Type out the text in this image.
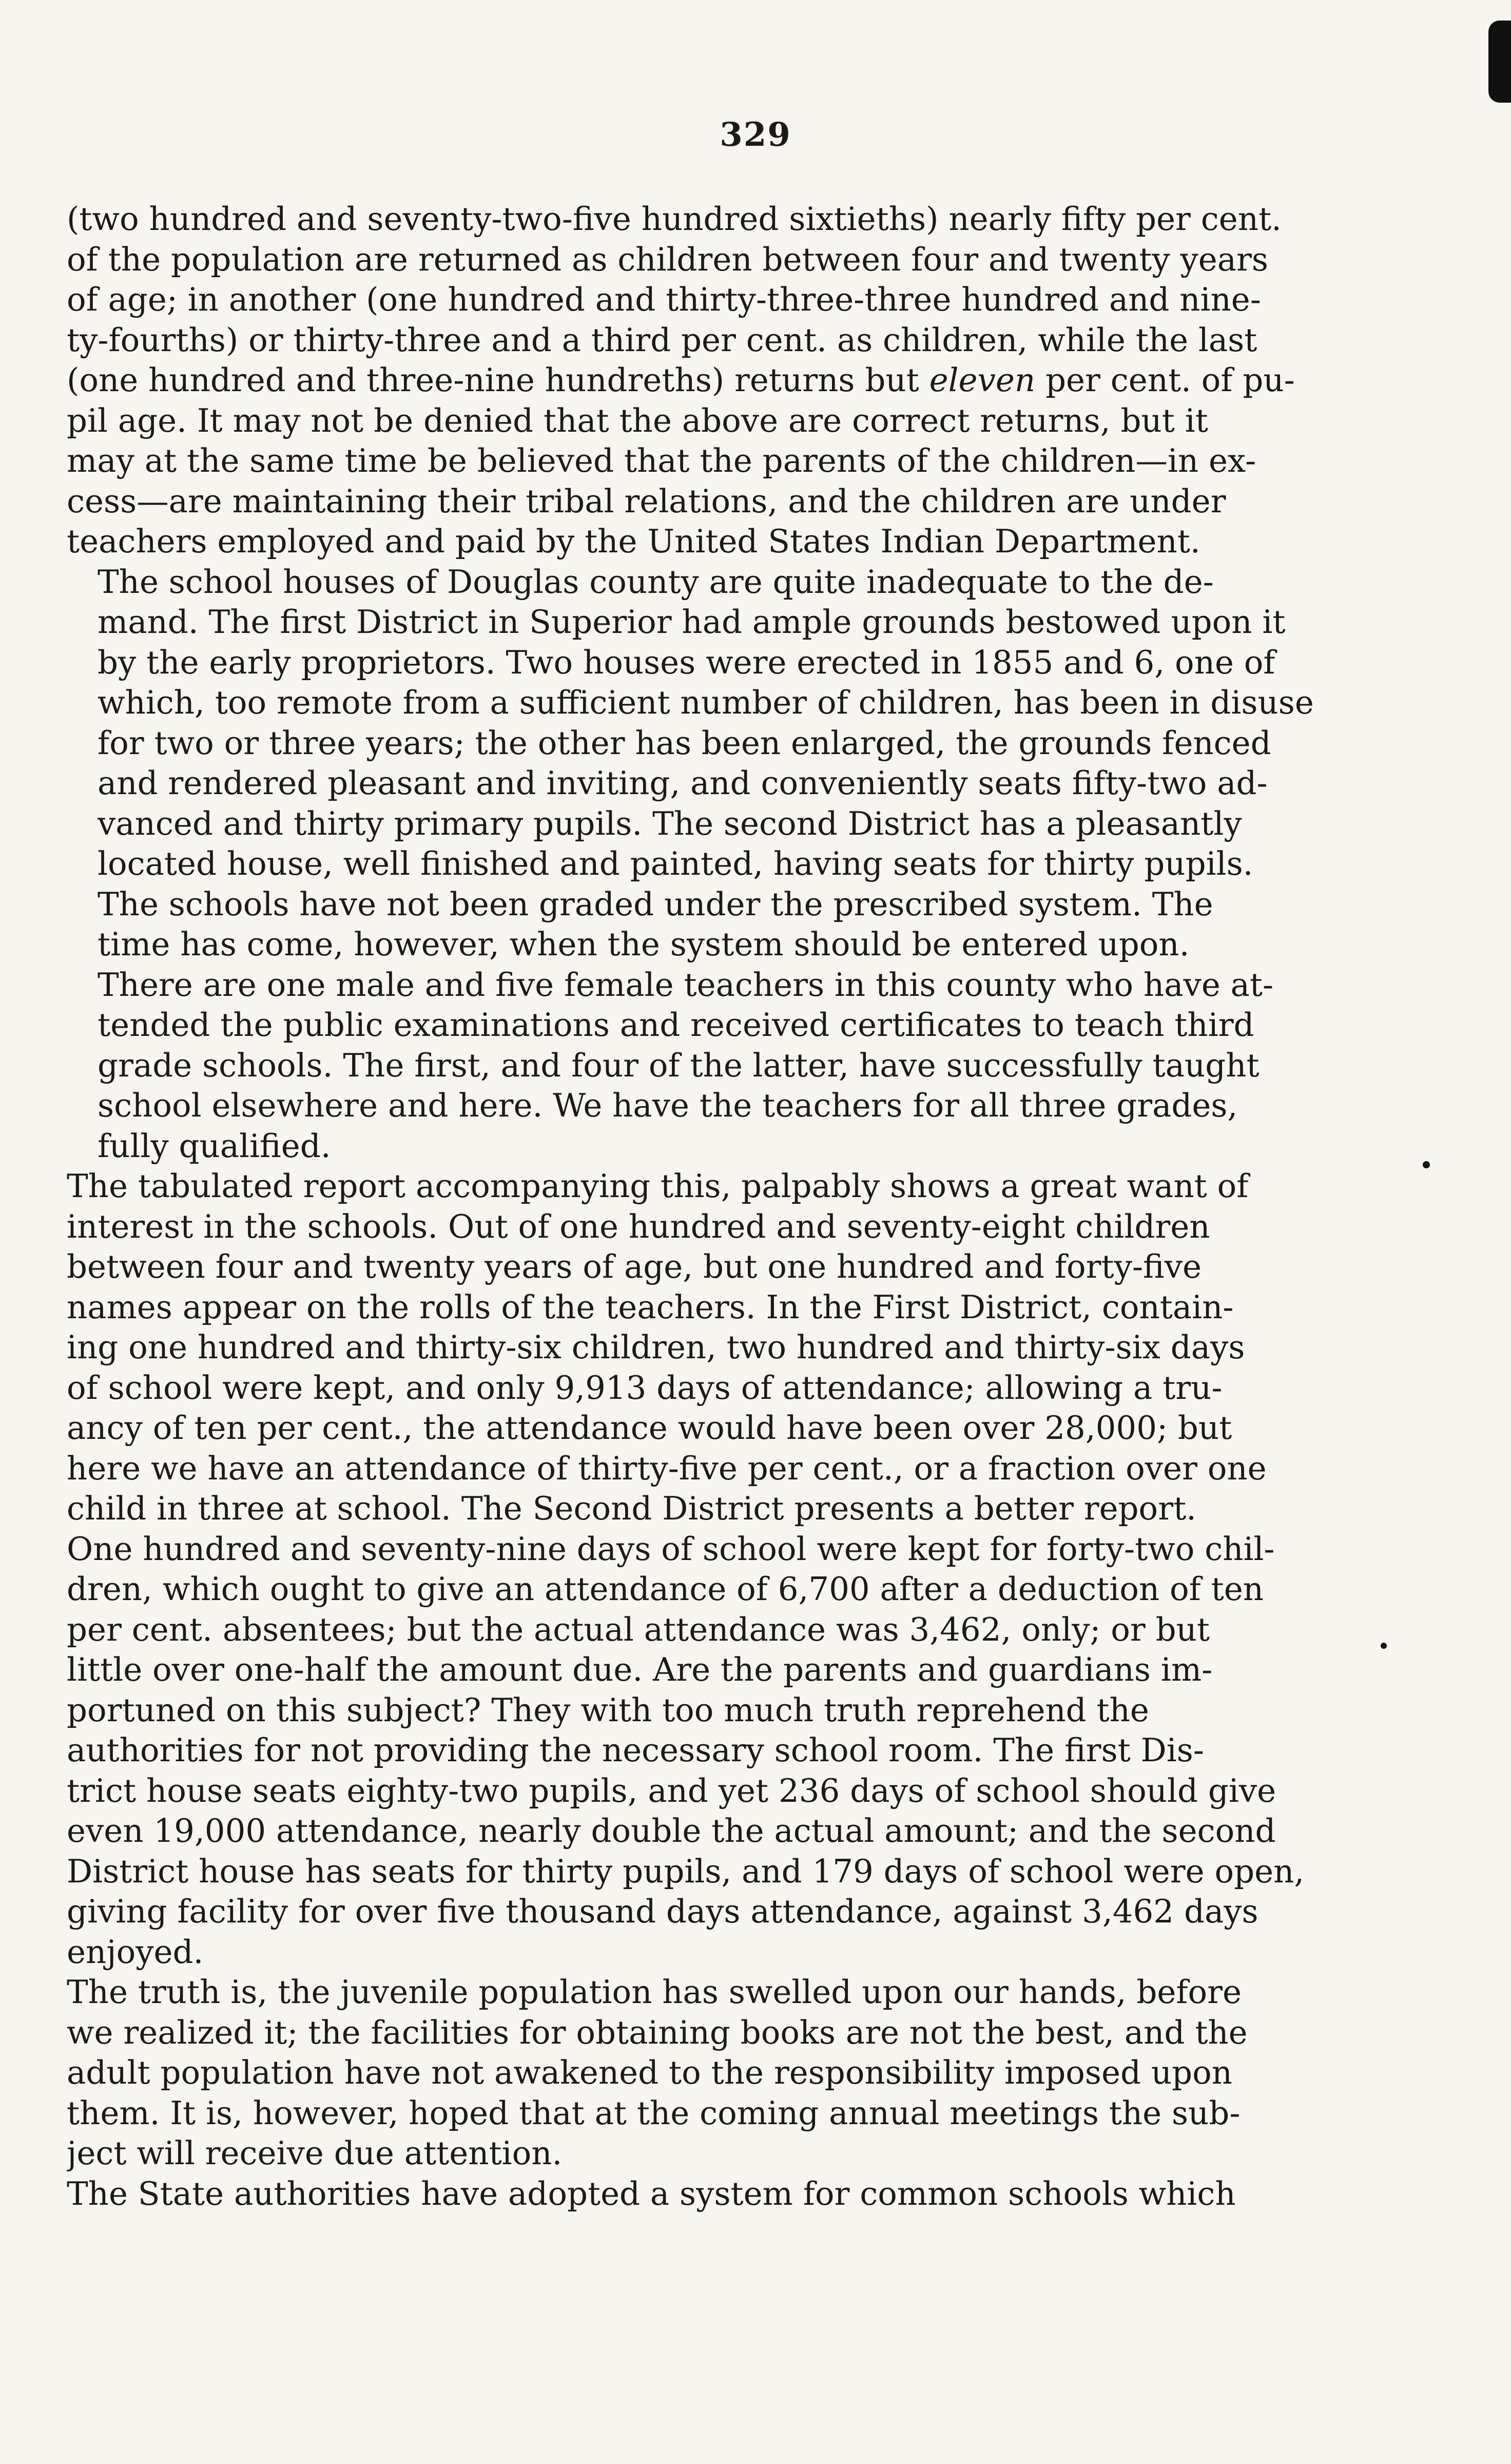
329

(two hundred and seventy-two-five hundred sixtieths) nearly fifty per cent.
of the population are returned as children between four and twenty years
of age; in another (one hundred and thirty-three-three hundred and nine-
ty-fourths) or thirty-three and a third per cent. as children, while the last
(one hundred and three-nine hundreths) returns but eleven per cent. of pu-
pil age. It may not be denied that the above are correct returns, but it
may at the same time be believed that the parents of the children—in ex-
cess—are maintaining their tribal relations, and the children are under
teachers employed and paid by the United States Indian Department.

The school houses of Douglas county are quite inadequate to the de-
mand. The first District in Superior had ample grounds bestowed upon it
by the early proprietors. Two houses were erected in 1855 and 6, one of
which, too remote from a sufficient number of children, has been in disuse
for two or three years; the other has been enlarged, the grounds fenced
and rendered pleasant and inviting, and conveniently seats fifty-two ad-
vanced and thirty primary pupils. The second District has a pleasantly
located house, well finished and painted, having seats for thirty pupils.

The schools have not been graded under the prescribed system. The
time has come, however, when the system should be entered upon.

There are one male and five female teachers in this county who have at-
tended the public examinations and received certificates to teach third
grade schools. The first, and four of the latter, have successfully taught
school elsewhere and here. We have the teachers for all three grades,
fully qualified.

The tabulated report accompanying this, palpably shows a great want of
interest in the schools. Out of one hundred and seventy-eight children
between four and twenty years of age, but one hundred and forty-five
names appear on the rolls of the teachers. In the First District, contain-
ing one hundred and thirty-six children, two hundred and thirty-six days
of school were kept, and only 9,913 days of attendance; allowing a tru-
ancy of ten per cent., the attendance would have been over 28,000; but
here we have an attendance of thirty-five per cent., or a fraction over one
child in three at school. The Second District presents a better report.
One hundred and seventy-nine days of school were kept for forty-two chil-
dren, which ought to give an attendance of 6,700 after a deduction of ten
per cent. absentees; but the actual attendance was 3,462, only; or but
little over one-half the amount due. Are the parents and guardians im-
portuned on this subject? They with too much truth reprehend the
authorities for not providing the necessary school room. The first Dis-
trict house seats eighty-two pupils, and yet 236 days of school should give
even 19,000 attendance, nearly double the actual amount; and the second
District house has seats for thirty pupils, and 179 days of school were open,
giving facility for over five thousand days attendance, against 3,462 days
enjoyed.

The truth is, the juvenile population has swelled upon our hands, before
we realized it; the facilities for obtaining books are not the best, and the
adult population have not awakened to the responsibility imposed upon
them. It is, however, hoped that at the coming annual meetings the sub-
ject will receive due attention.

The State authorities have adopted a system for common schools which
